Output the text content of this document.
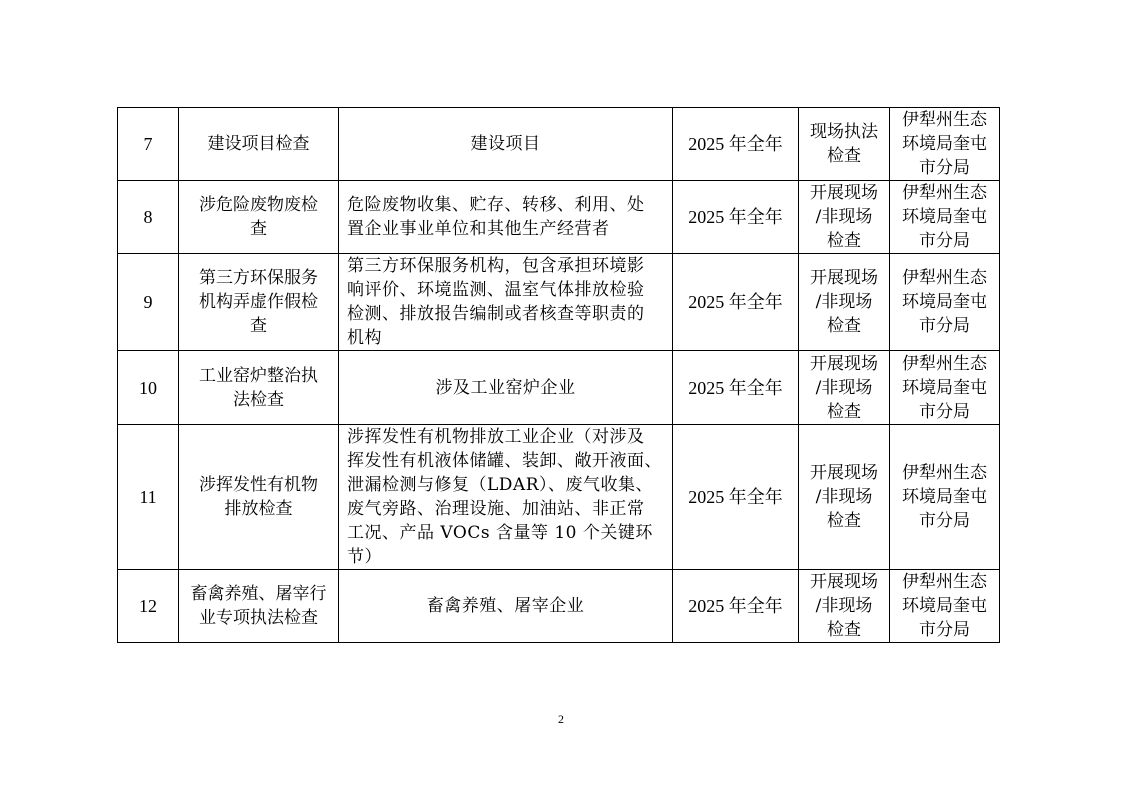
7	建设项目检查	建设项目	2025 年全年	现场执法
检查	伊犁州生态
环境局奎屯
市分局
8	涉危险废物废检
查	危险废物收集、贮存、转移、利用、处
置企业事业单位和其他生产经营者	2025 年全年	开展现场
/非现场
检查	伊犁州生态
环境局奎屯
市分局
9	第三方环保服务
机构弄虚作假检
查	第三方环保服务机构，包含承担环境影
响评价、环境监测、温室气体排放检验
检测、排放报告编制或者核查等职责的
机构	2025 年全年	开展现场
/非现场
检查	伊犁州生态
环境局奎屯
市分局
10	工业窑炉整治执
法检查	涉及工业窑炉企业	2025 年全年	开展现场
/非现场
检查	伊犁州生态
环境局奎屯
市分局
11	涉挥发性有机物
排放检查	涉挥发性有机物排放工业企业（对涉及
挥发性有机液体储罐、装卸、敞开液面、
泄漏检测与修复（LDAR）、废气收集、
废气旁路、治理设施、加油站、非正常
工况、产品 VOCs 含量等 10 个关键环节）	2025 年全年	开展现场
/非现场
检查	伊犁州生态
环境局奎屯
市分局
12	畜禽养殖、屠宰行
业专项执法检查	畜禽养殖、屠宰企业	2025 年全年	开展现场
/非现场
检查	伊犁州生态
环境局奎屯
市分局
2
